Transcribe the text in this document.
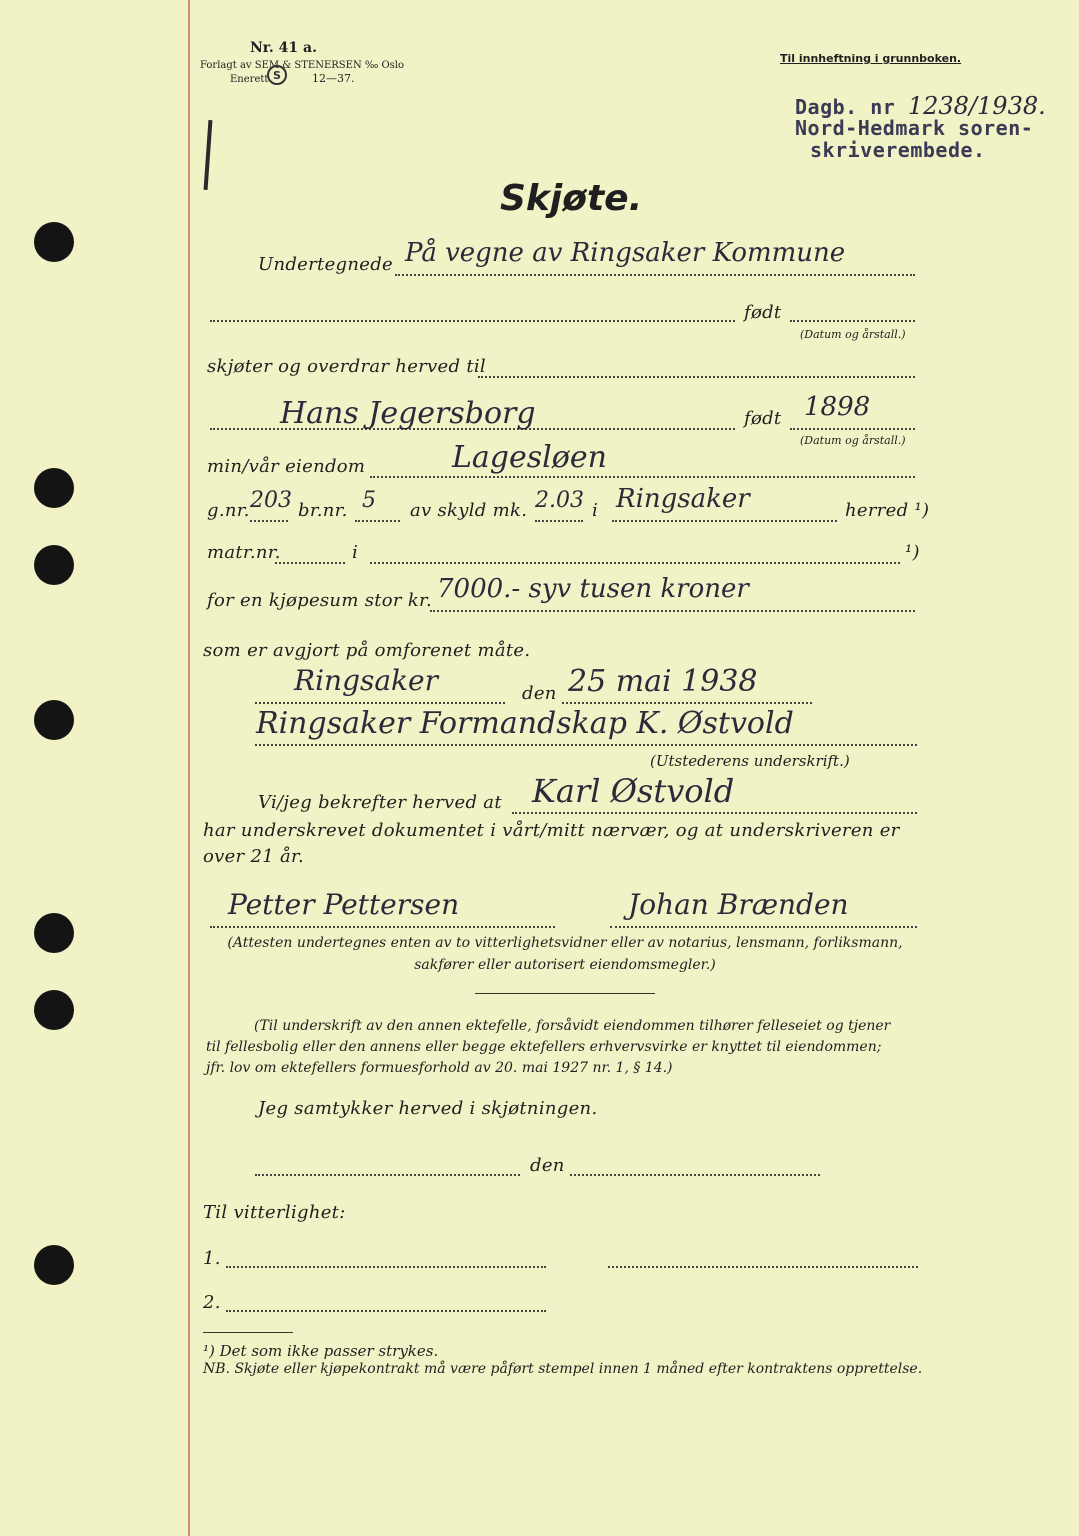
Nr. 41 a.
Forlagt av SEM & STENERSEN ‰ Oslo
Enerett S	12—37.
Til innheftning i grunnboken.
Dagb. nr 1238/1938.
Nord-Hedmark soren-
skriverembede.
Skjøte.
Undertegnede På vegne av Ringsaker Kommune
født
(Datum og årstall.)
skjøter og overdrar herved til
Hans Jegersborg	født 1898
(Datum og årstall.)
min/vår eiendom	Lagesløen
g.nr. 203 br.nr. 5 av skyld mk. 2.03 i Ringsaker	herred ¹)
matr.nr.	i	¹)
for en kjøpesum stor kr. 7000.- syv tusen kroner
som er avgjort på omforenet måte.
Ringsaker	den 25 mai 1938
Ringsaker Formandskap K. Østvold
(Utstederens underskrift.)
Vi/jeg bekrefter herved at Karl Østvold
har underskrevet dokumentet i vårt/mitt nærvær, og at underskriveren er
over 21 år.
Petter Pettersen	Johan Brænden
(Attesten undertegnes enten av to vitterlighetsvidner eller av notarius, lensmann, forliksmann,
sakfører eller autorisert eiendomsmegler.)
(Til underskrift av den annen ektefelle, forsåvidt eiendommen tilhører felleseiet og tjener
til fellesbolig eller den annens eller begge ektefellers erhvervsvirke er knyttet til eiendommen;
jfr. lov om ektefellers formuesforhold av 20. mai 1927 nr. 1, § 14.)
Jeg samtykker herved i skjøtningen.
den
Til vitterlighet:
1.
2.
¹) Det som ikke passer strykes.
NB. Skjøte eller kjøpekontrakt må være påført stempel innen 1 måned efter kontraktens opprettelse.
